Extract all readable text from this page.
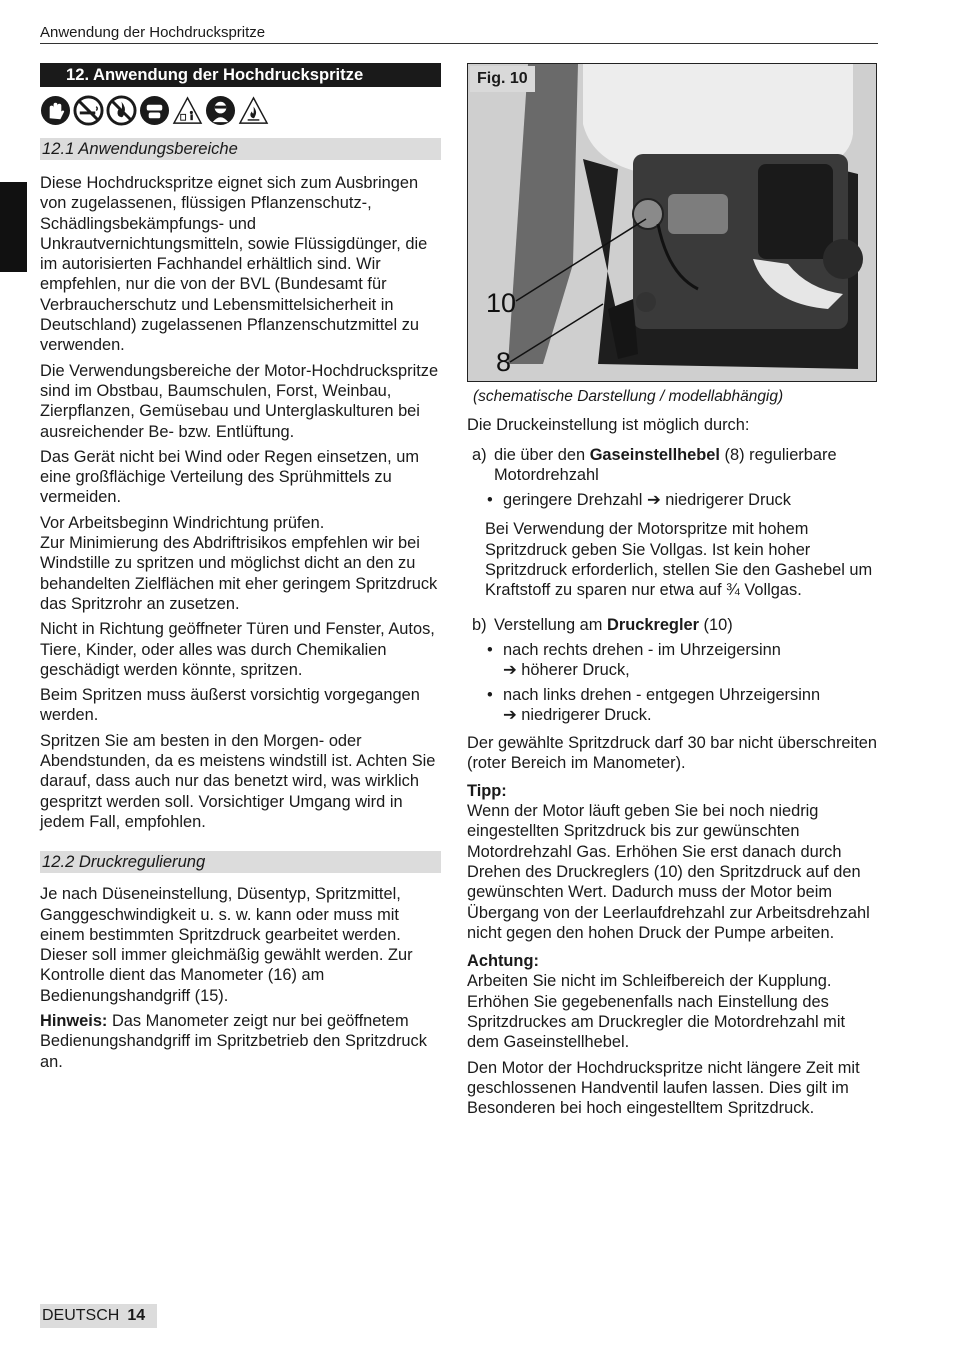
Anwendung der Hochdruckspritze
12. Anwendung der Hochdruckspritze
12.1 Anwendungsbereiche

Diese Hochdruckspritze eignet sich zum Ausbringen von zugelassenen, flüssigen Pflanzenschutz-, Schädlingsbekämpfungs- und Unkrautvernichtungsmitteln, sowie Flüssigdünger, die im autorisierten Fachhandel erhältlich sind. Wir empfehlen, nur die von der BVL (Bundesamt für Verbraucherschutz und Lebensmittelsicherheit in Deutschland) zugelassenen Pflanzenschutzmittel zu verwenden.

Die Verwendungsbereiche der Motor-Hochdruckspritze sind im Obstbau, Baumschulen, Forst, Weinbau, Zierpflanzen, Gemüsebau und Unterglaskulturen bei ausreichender Be- bzw. Entlüftung.

Das Gerät nicht bei Wind oder Regen einsetzen, um eine großflächige Verteilung des Sprühmittels zu vermeiden.

Vor Arbeitsbeginn Windrichtung prüfen.

Zur Minimierung des Abdriftrisikos empfehlen wir bei Windstille zu spritzen und möglichst dicht an den zu behandelten Zielflächen mit eher geringem Spritzdruck das Spritzrohr an zusetzen.

Nicht in Richtung geöffneter Türen und Fenster, Autos, Tiere, Kinder, oder alles was durch Chemikalien geschädigt werden könnte, spritzen.

Beim Spritzen muss äußerst vorsichtig vorgegangen werden.

Spritzen Sie am besten in den Morgen- oder Abendstunden, da es meistens windstill ist. Achten Sie darauf, dass auch nur das benetzt wird, was wirklich gespritzt werden soll. Vorsichtiger Umgang wird in jedem Fall, empfohlen.

12.2 Druckregulierung

Je nach Düseneinstellung, Düsentyp, Spritzmittel, Ganggeschwindigkeit u. s. w. kann oder muss mit einem bestimmten Spritzdruck gearbeitet werden. Dieser soll immer gleichmäßig gewählt werden. Zur Kontrolle dient das Manometer (16) am Bedienungshandgriff (15).

Hinweis: Das Manometer zeigt nur bei geöffnetem Bedienungshandgriff im Spritzbetrieb den Spritzdruck an.

Fig. 10
10
8
(schematische Darstellung / modellabhängig)

Die Druckeinstellung ist möglich durch:

a) die über den Gaseinstellhebel (8) regulierbare Motordrehzahl
• geringere Drehzahl ➔ niedrigerer Druck

Bei Verwendung der Motorspritze mit hohem Spritzdruck geben Sie Vollgas. Ist kein hoher Spritzdruck erforderlich, stellen Sie den Gashebel um Kraftstoff zu sparen nur etwa auf ¾ Vollgas.

b) Verstellung am Druckregler (10)
• nach rechts drehen - im Uhrzeigersinn
➔ höherer Druck,
• nach links drehen - entgegen Uhrzeigersinn
➔ niedrigerer Druck.

Der gewählte Spritzdruck darf 30 bar nicht überschreiten (roter Bereich im Manometer).

Tipp:
Wenn der Motor läuft geben Sie bei noch niedrig eingestellten Spritzdruck bis zur gewünschten Motordrehzahl Gas. Erhöhen Sie erst danach durch Drehen des Druckreglers (10) den Spritzdruck auf den gewünschten Wert. Dadurch muss der Motor beim Übergang von der Leerlaufdrehzahl zur Arbeitsdrehzahl nicht gegen den hohen Druck der Pumpe arbeiten.

Achtung:
Arbeiten Sie nicht im Schleifbereich der Kupplung. Erhöhen Sie gegebenenfalls nach Einstellung des Spritzdruckes am Druckregler die Motordrehzahl mit dem Gaseinstellhebel.

Den Motor der Hochdruckspritze nicht längere Zeit mit geschlossenen Handventil laufen lassen. Dies gilt im Besonderen bei hoch eingestelltem Spritzdruck.

DEUTSCH 14
